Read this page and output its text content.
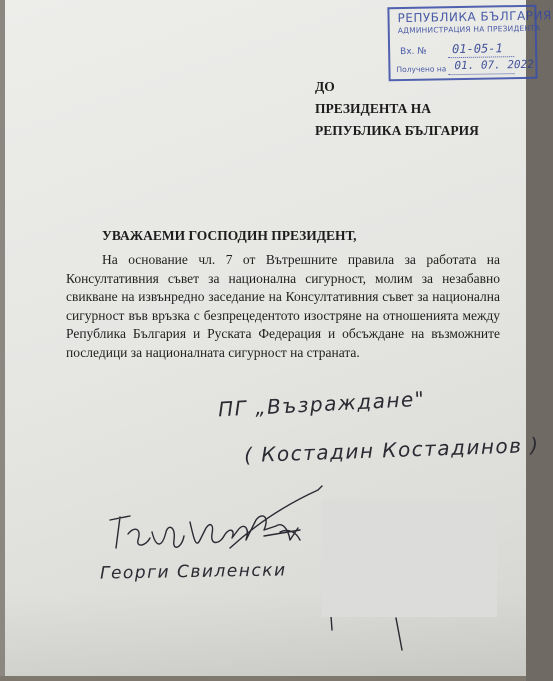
РЕПУБЛИКА БЪЛГАРИЯ
АДМИНИСТРАЦИЯ НА ПРЕЗИДЕНТА
Вх. № 01-05-1
Получено на 01. 07. 2022
ДО
ПРЕЗИДЕНТА НА
РЕПУБЛИКА БЪЛГАРИЯ
УВАЖАЕМИ ГОСПОДИН ПРЕЗИДЕНТ,
На основание чл. 7 от Вътрешните правила за работата на
Консултативния съвет за национална сигурност, молим за незабавно
свикване на извънредно заседание на Консултативния съвет за национална
сигурност във връзка с безпрецедентото изостряне на отношенията между
Република България и Руската Федерация и обсъждане на възможните
последици за националната сигурност на страната.
ПГ „Възраждане"
( Костадин Костадинов )
Георги Свиленски
